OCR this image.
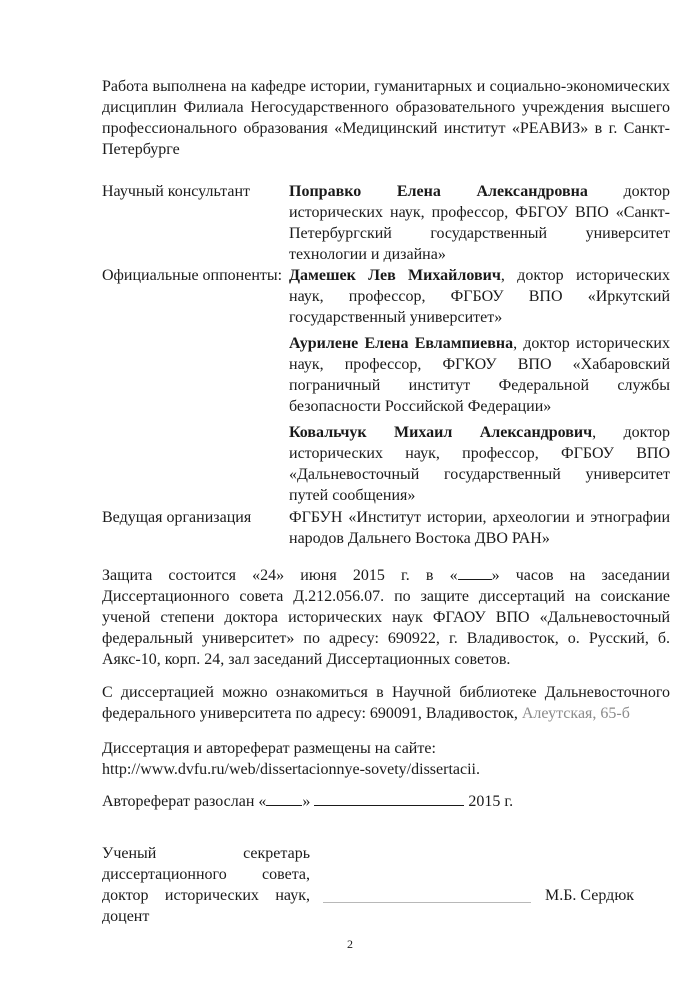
Работа выполнена на кафедре истории, гуманитарных и социально-экономических дисциплин Филиала Негосударственного образовательного учреждения высшего профессионального образования «Медицинский институт «РЕАВИЗ» в г. Санкт-Петербурге
Научный консультант Поправко Елена Александровна доктор исторических наук, профессор, ФБГОУ ВПО «Санкт-Петербургский государственный университет технологии и дизайна»
Официальные оппоненты: Дамешек Лев Михайлович, доктор исторических наук, профессор, ФГБОУ ВПО «Иркутский государственный университет»
Аурилене Елена Евлампиевна, доктор исторических наук, профессор, ФГКОУ ВПО «Хабаровский пограничный институт Федеральной службы безопасности Российской Федерации»
Ковальчук Михаил Александрович, доктор исторических наук, профессор, ФГБОУ ВПО «Дальневосточный государственный университет путей сообщения»
Ведущая организация ФГБУН «Институт истории, археологии и этнографии народов Дальнего Востока ДВО РАН»
Защита состоится «24» июня 2015 г. в « » часов на заседании Диссертационного совета Д.212.056.07. по защите диссертаций на соискание ученой степени доктора исторических наук ФГАОУ ВПО «Дальневосточный федеральный университет» по адресу: 690922, г. Владивосток, о. Русский, б. Аякс-10, корп. 24, зал заседаний Диссертационных советов.
С диссертацией можно ознакомиться в Научной библиотеке Дальневосточного федерального университета по адресу: 690091, Владивосток, Алеутская, 65-б
Диссертация и автореферат размещены на сайте:
http://www.dvfu.ru/web/dissertacionnye-sovety/dissertacii.
Автореферат разослан « »	2015 г.
Ученый секретарь диссертационного совета, доктор исторических наук, доцент
М.Б. Сердюк
2
